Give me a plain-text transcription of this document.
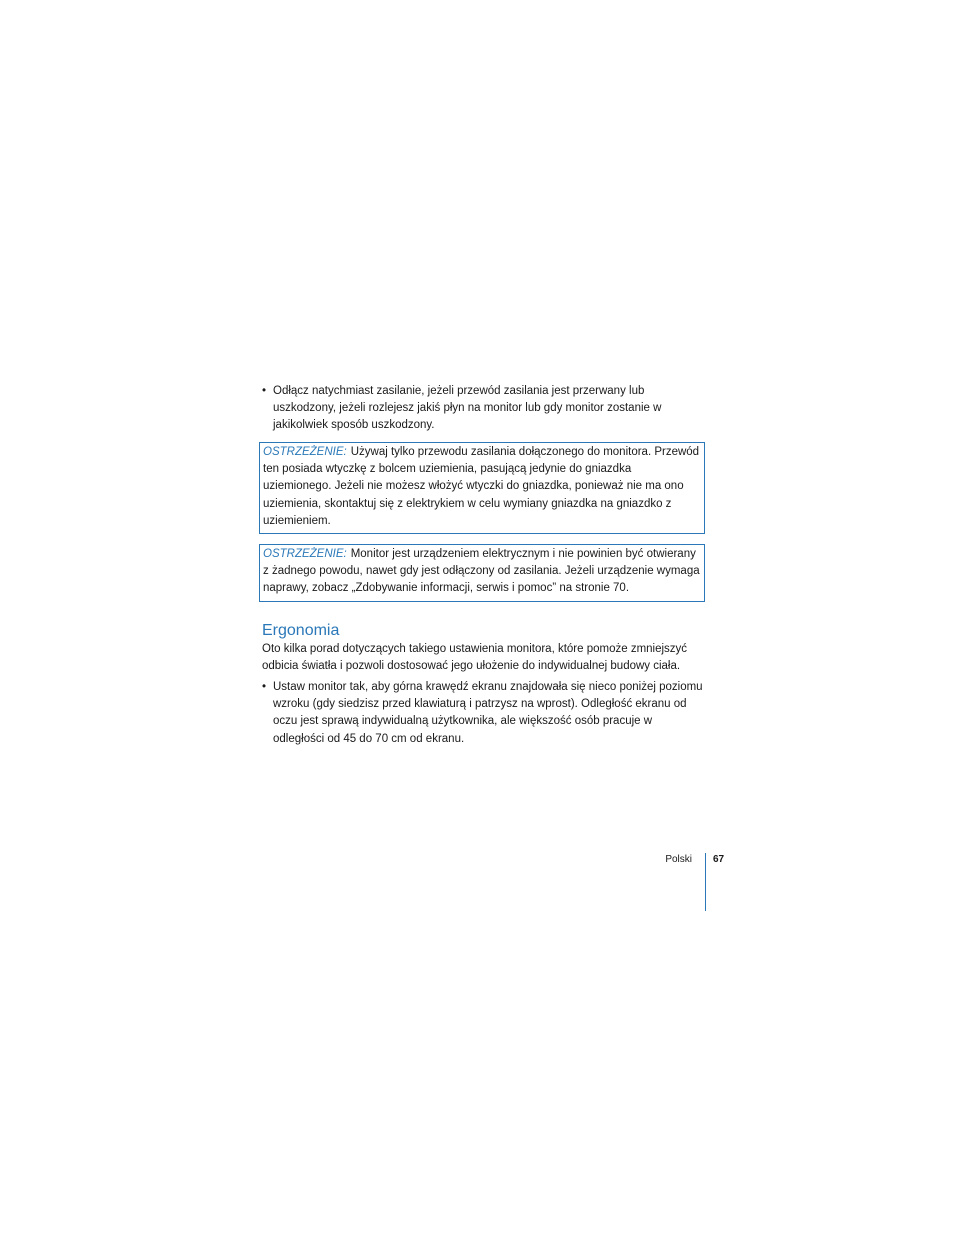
• Odłącz natychmiast zasilanie, jeżeli przewód zasilania jest przerwany lub uszkodzony, jeżeli rozlejesz jakiś płyn na monitor lub gdy monitor zostanie w jakikolwiek sposób uszkodzony.
OSTRZEŻENIE: Używaj tylko przewodu zasilania dołączonego do monitora. Przewód ten posiada wtyczkę z bolcem uziemienia, pasującą jedynie do gniazdka uziemionego. Jeżeli nie możesz włożyć wtyczki do gniazdka, ponieważ nie ma ono uziemienia, skontaktuj się z elektrykiem w celu wymiany gniazdka na gniazdko z uziemieniem.
OSTRZEŻENIE: Monitor jest urządzeniem elektrycznym i nie powinien być otwierany z żadnego powodu, nawet gdy jest odłączony od zasilania. Jeżeli urządzenie wymaga naprawy, zobacz „Zdobywanie informacji, serwis i pomoc” na stronie 70.
Ergonomia

Oto kilka porad dotyczących takiego ustawienia monitora, które pomoże zmniejszyć odbicia światła i pozwoli dostosować jego ułożenie do indywidualnej budowy ciała.

• Ustaw monitor tak, aby górna krawędź ekranu znajdowała się nieco poniżej poziomu wzroku (gdy siedzisz przed klawiaturą i patrzysz na wprost). Odległość ekranu od oczu jest sprawą indywidualną użytkownika, ale większość osób pracuje w odległości od 45 do 70 cm od ekranu.
Polski 67
